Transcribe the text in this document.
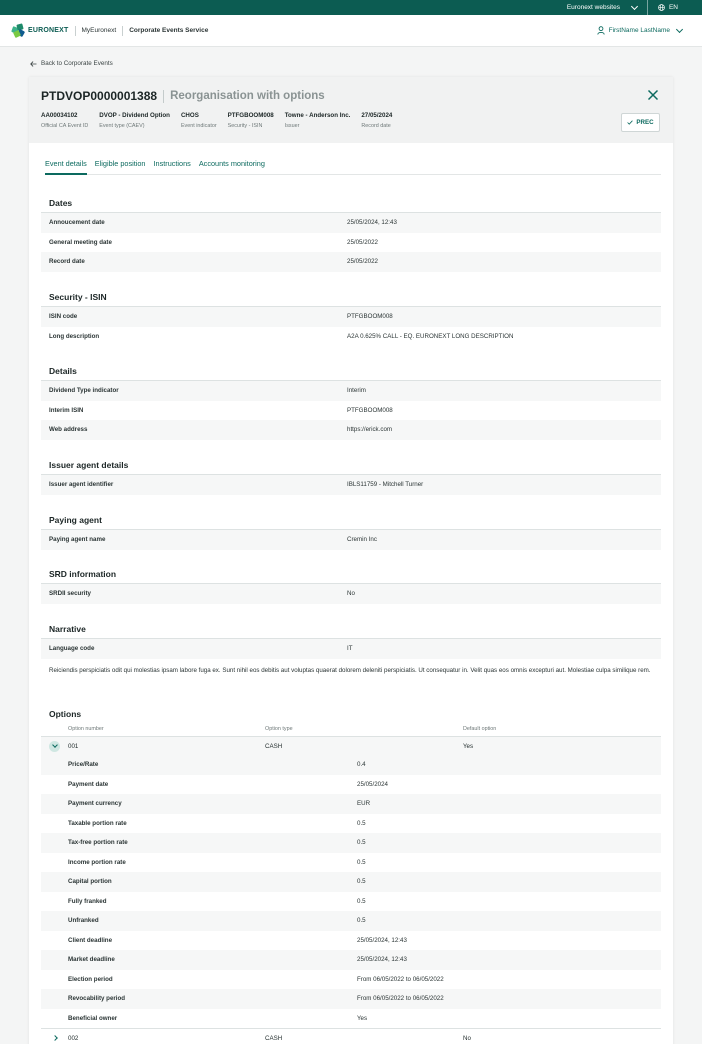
Euronext websites	EN
EURONEXT MyEuronext Corporate Events Service	FirstName LastName
Back to Corporate Events
PTDVOP0000001388 Reorganisation with options
AA00034102
Official CA Event ID
DVOP - Dividend Option
Event type (CAEV)
CHOS
Event indicator
PTFGBOOM008
Security - ISIN
Towne - Anderson Inc.
Issuer
27/05/2024
Record date	PREC
Event details Eligible position Instructions Accounts monitoring
Dates
Annoucement date	25/05/2024, 12:43
General meeting date	25/05/2022
Record date	25/05/2022
Security - ISIN
ISIN code	PTFGBOOM008
Long description	A2A 0.625% CALL - EQ. EURONEXT LONG DESCRIPTION
Details
Dividend Type indicator	Interim
Interim ISIN	PTFGBOOM008
Web address	https://erick.com
Issuer agent details
Issuer agent identifier	IBLS11759 - Mitchell Turner
Paying agent
Paying agent name	Cremin Inc
SRD information
SRDII security	No
Narrative
Language code	IT
Reiciendis perspiciatis odit qui molestias ipsam labore fuga ex. Sunt nihil eos debitis aut voluptas quaerat dolorem deleniti perspiciatis. Ut consequatur in. Velit quas eos omnis excepturi aut. Molestiae culpa similique rem.
Options
Option number	Option type	Default option
001	CASH	Yes
Price/Rate	0.4
Payment date	25/05/2024
Payment currency	EUR
Taxable portion rate	0.5
Tax-free portion rate	0.5
Income portion rate	0.5
Capital portion	0.5
Fully franked	0.5
Unfranked	0.5
Client deadline	25/05/2024, 12:43
Market deadline	25/05/2024, 12:43
Election period	From 06/05/2022 to 06/05/2022
Revocability period	From 06/05/2022 to 06/05/2022
Beneficial owner	Yes
002	CASH	No
